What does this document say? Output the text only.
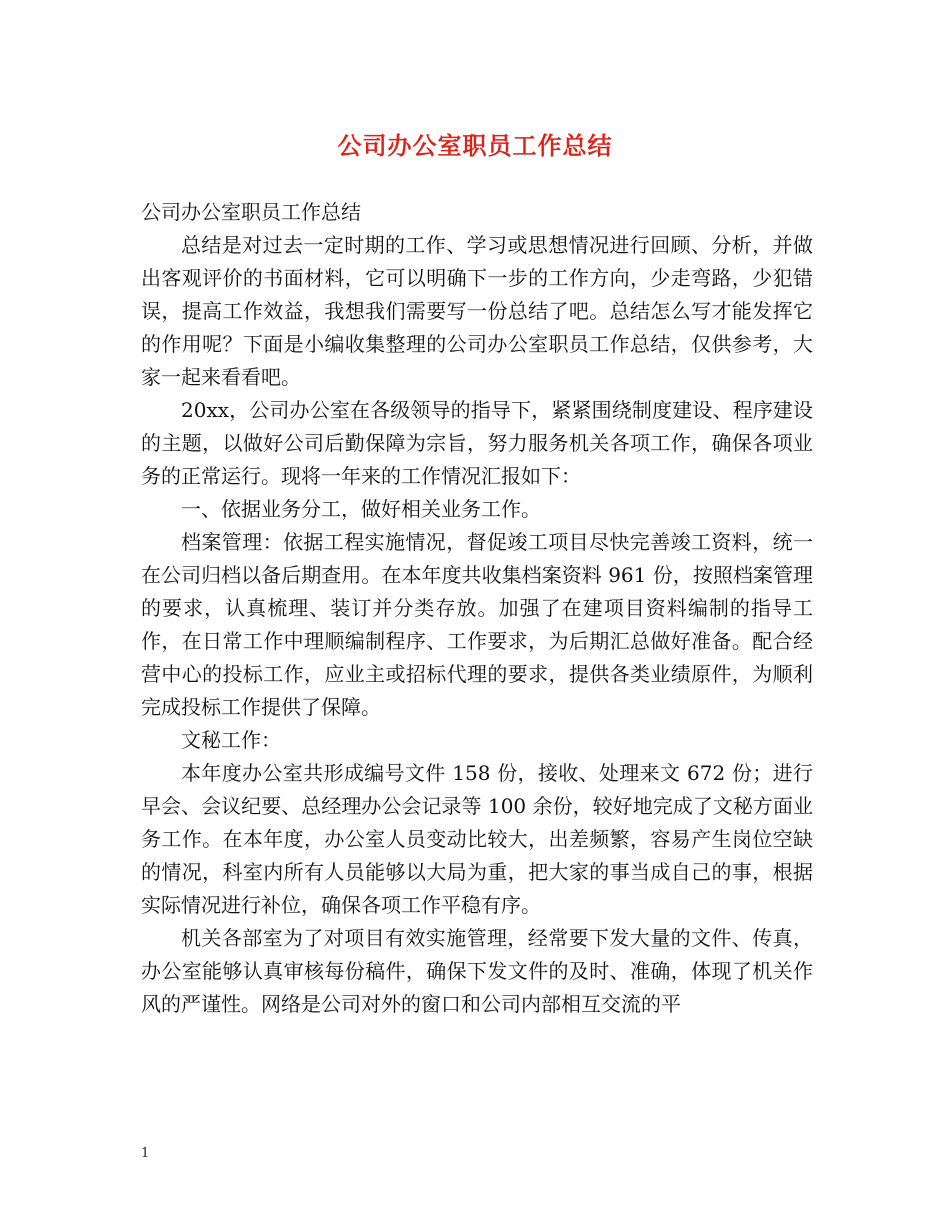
公司办公室职员工作总结

公司办公室职员工作总结

总结是对过去一定时期的工作、学习或思想情况进行回顾、分析，并做出客观评价的书面材料，它可以明确下一步的工作方向，少走弯路，少犯错误，提高工作效益，我想我们需要写一份总结了吧。总结怎么写才能发挥它的作用呢？下面是小编收集整理的公司办公室职员工作总结，仅供参考，大家一起来看看吧。

20xx，公司办公室在各级领导的指导下，紧紧围绕制度建设、程序建设的主题，以做好公司后勤保障为宗旨，努力服务机关各项工作，确保各项业务的正常运行。现将一年来的工作情况汇报如下：

一、依据业务分工，做好相关业务工作。

档案管理：依据工程实施情况，督促竣工项目尽快完善竣工资料，统一在公司归档以备后期查用。在本年度共收集档案资料 961 份，按照档案管理的要求，认真梳理、装订并分类存放。加强了在建项目资料编制的指导工作，在日常工作中理顺编制程序、工作要求，为后期汇总做好准备。配合经营中心的投标工作，应业主或招标代理的要求，提供各类业绩原件，为顺利完成投标工作提供了保障。

文秘工作：

本年度办公室共形成编号文件 158 份，接收、处理来文 672 份；进行早会、会议纪要、总经理办公会记录等 100 余份，较好地完成了文秘方面业务工作。在本年度，办公室人员变动比较大，出差频繁，容易产生岗位空缺的情况，科室内所有人员能够以大局为重，把大家的事当成自己的事，根据实际情况进行补位，确保各项工作平稳有序。

机关各部室为了对项目有效实施管理，经常要下发大量的文件、传真，办公室能够认真审核每份稿件，确保下发文件的及时、准确，体现了机关作风的严谨性。网络是公司对外的窗口和公司内部相互交流的平

1
